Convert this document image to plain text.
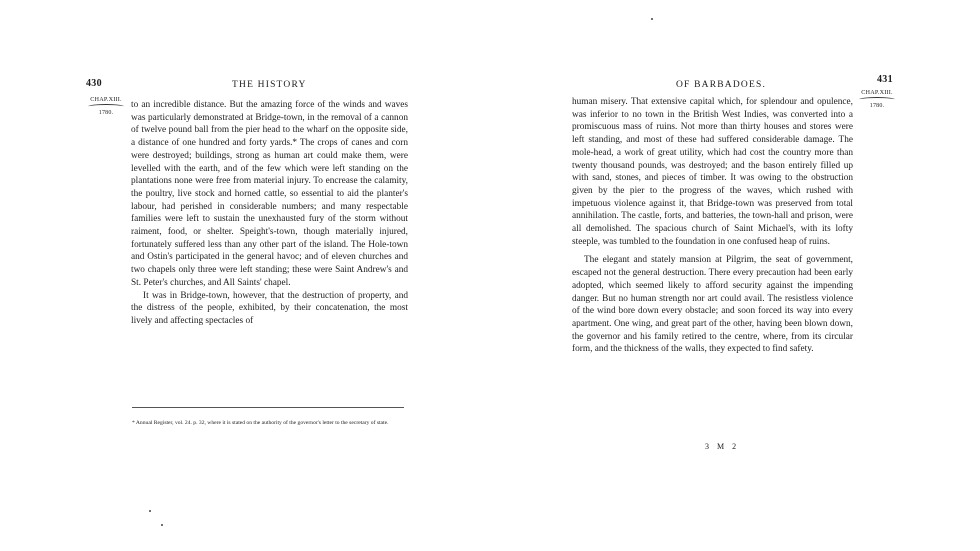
430	THE HISTORY
CHAP.XIII.
1780.

to an incredible distance. But the amazing force of the winds and waves was particularly demonstrated at Bridge-town, in the removal of a cannon of twelve pound ball from the pier head to the wharf on the opposite side, a distance of one hundred and forty yards.* The crops of canes and corn were destroyed; buildings, strong as human art could make them, were levelled with the earth, and of the few which were left standing on the plantations none were free from material injury. To encrease the calamity, the poultry, live stock and horned cattle, so essential to aid the planter's labour, had perished in considerable numbers; and many respectable families were left to sustain the unexhausted fury of the storm without raiment, food, or shelter. Speight's-town, though materially injured, fortunately suffered less than any other part of the island. The Hole-town and Ostin's participated in the general havoc; and of eleven churches and two chapels only three were left standing; these were Saint Andrew's and St. Peter's churches, and All Saints' chapel.

It was in Bridge-town, however, that the destruction of property, and the distress of the people, exhibited, by their concatenation, the most lively and affecting spectacles of

* Annual Register, vol. 24. p. 32, where it is stated on the authority of the governor's letter to the secretary of state.
OF BARBADOES.	431
CHAP.XIII.
1780.

human misery. That extensive capital which, for splendour and opulence, was inferior to no town in the British West Indies, was converted into a promiscuous mass of ruins. Not more than thirty houses and stores were left standing, and most of these had suffered considerable damage. The mole-head, a work of great utility, which had cost the country more than twenty thousand pounds, was destroyed; and the bason entirely filled up with sand, stones, and pieces of timber. It was owing to the obstruction given by the pier to the progress of the waves, which rushed with impetuous violence against it, that Bridge-town was preserved from total annihilation. The castle, forts, and batteries, the town-hall and prison, were all demolished. The spacious church of Saint Michael's, with its lofty steeple, was tumbled to the foundation in one confused heap of ruins.

The elegant and stately mansion at Pilgrim, the seat of government, escaped not the general destruction. There every precaution had been early adopted, which seemed likely to afford security against the impending danger. But no human strength nor art could avail. The resistless violence of the wind bore down every obstacle; and soon forced its way into every apartment. One wing, and great part of the other, having been blown down, the governor and his family retired to the centre, where, from its circular form, and the thickness of the walls, they expected to find safety.

3 M 2
